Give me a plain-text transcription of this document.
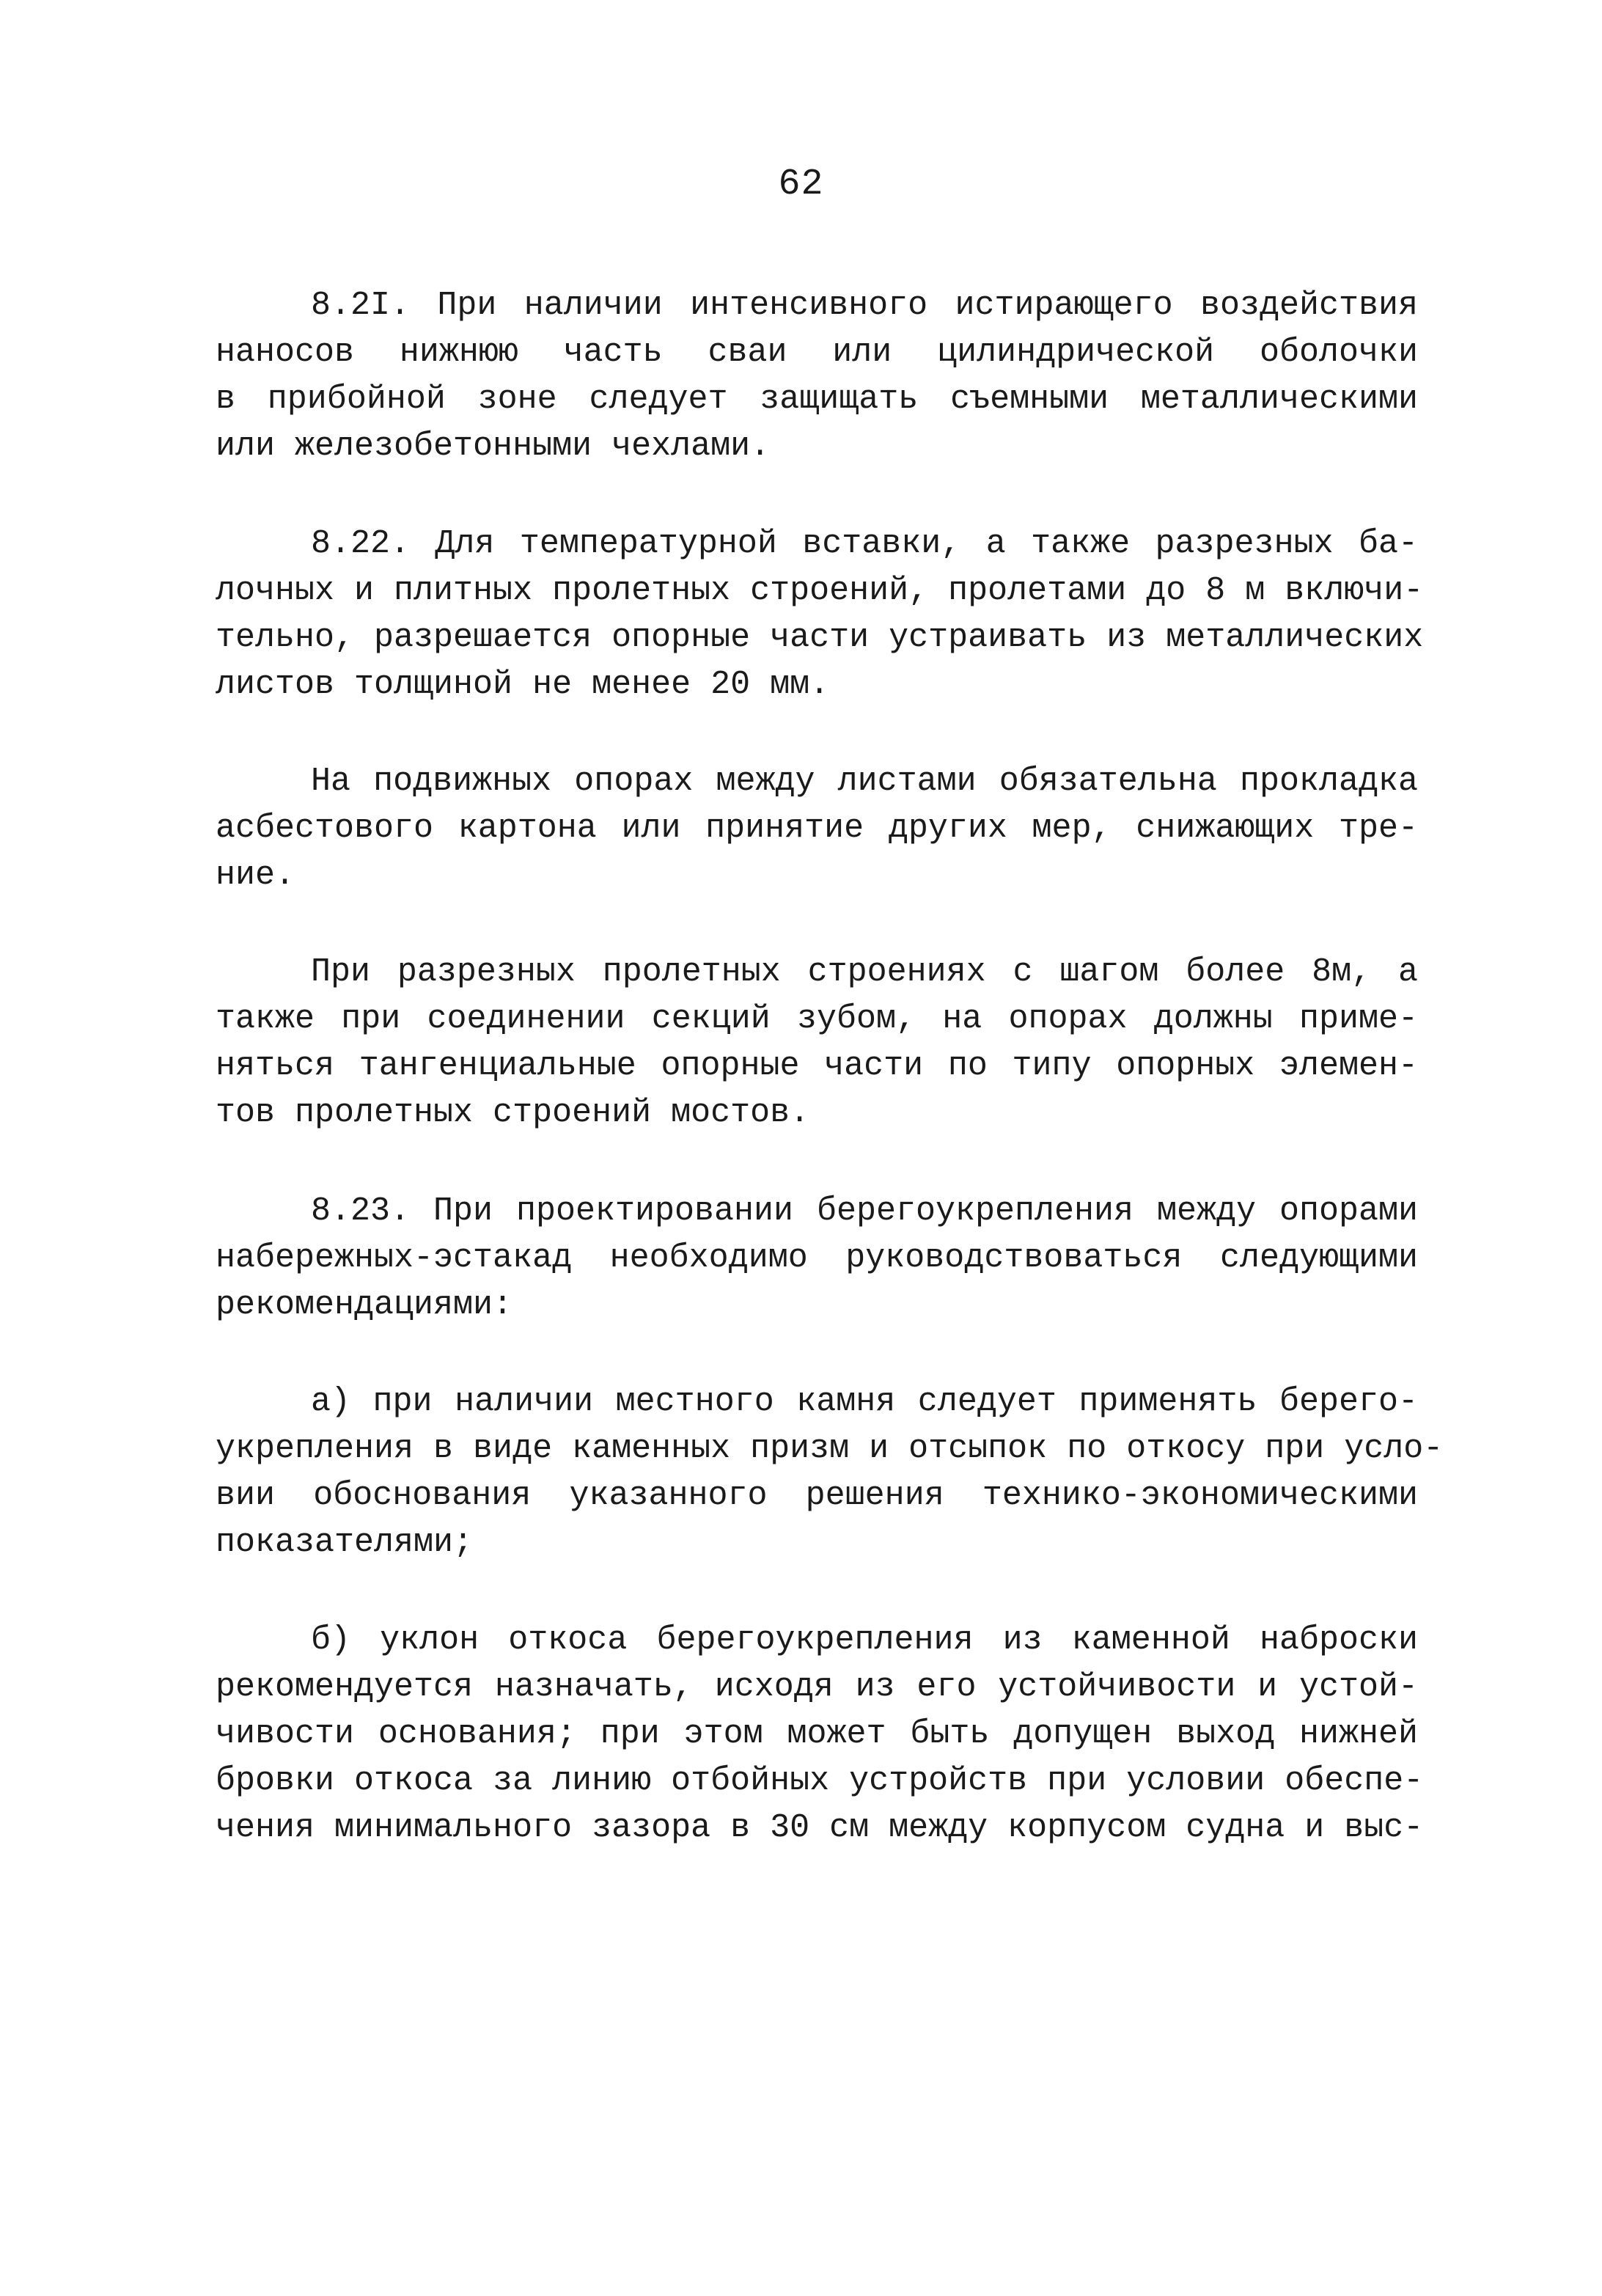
62
8.2I. При наличии интенсивного истирающего воздействия
наносов нижнюю часть сваи или цилиндрической оболочки
в прибойной зоне следует защищать съемными металлическими
или железобетонными чехлами.
8.22. Для температурной вставки, а также разрезных ба-
лочных и плитных пролетных строений, пролетами до 8 м включи-
тельно, разрешается опорные части устраивать из металлических
листов толщиной не менее 20 мм.
На подвижных опорах между листами обязательна прокладка
асбестового картона или принятие других мер, снижающих тре-
ние.
При разрезных пролетных строениях с шагом более 8м, а
также при соединении секций зубом, на опорах должны приме-
няться тангенциальные опорные части по типу опорных элемен-
тов пролетных строений мостов.
8.23. При проектировании берегоукрепления между опорами
набережных-эстакад необходимо руководствоваться следующими
рекомендациями:
а) при наличии местного камня следует применять берего-
укрепления в виде каменных призм и отсыпок по откосу при усло-
вии обоснования указанного решения технико-экономическими
показателями;
б) уклон откоса берегоукрепления из каменной наброски
рекомендуется назначать, исходя из его устойчивости и устой-
чивости основания; при этом может быть допущен выход нижней
бровки откоса за линию отбойных устройств при условии обеспе-
чения минимального зазора в 30 см между корпусом судна и выс-
